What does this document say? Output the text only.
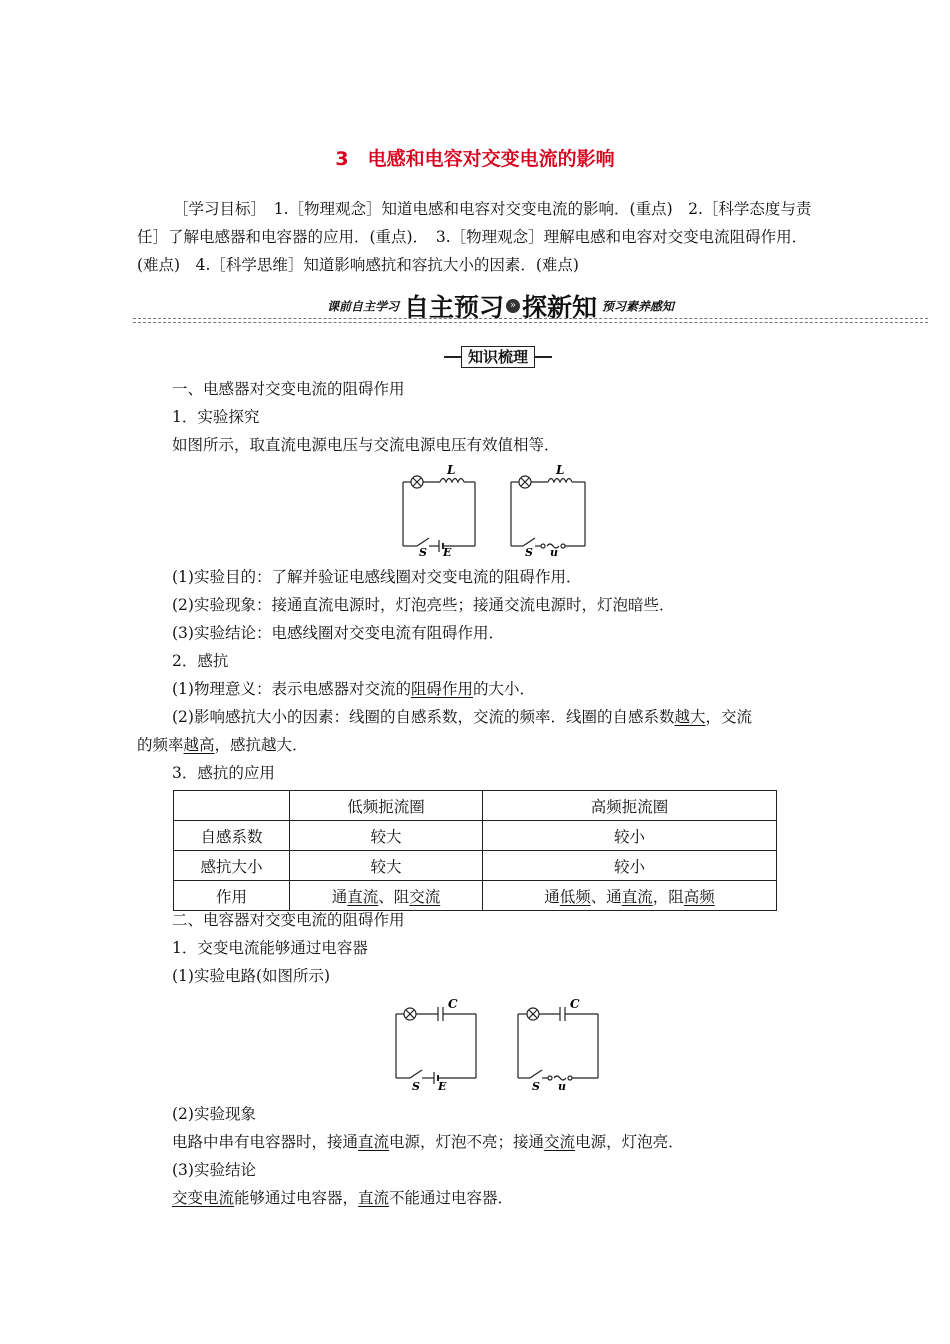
3　电感和电容对交变电流的影响
［学习目标］　1.［物理观念］知道电感和电容对交变电流的影响．(重点)　2.［科学态度与责任］了解电感器和电容器的应用．(重点)．　3.［物理观念］理解电感和电容对交变电流阻碍作用．(难点)　4.［科学思维］知道影响感抗和容抗大小的因素．(难点)
课前自主学习 自主预习 » 探新知 预习素养感知
知识梳理
一、电感器对交变电流的阻碍作用
1．实验探究
如图所示，取直流电源电压与交流电源电压有效值相等．
L	L
S E	S u
(1)实验目的：了解并验证电感线圈对交变电流的阻碍作用．
(2)实验现象：接通直流电源时，灯泡亮些；接通交流电源时，灯泡暗些．
(3)实验结论：电感线圈对交变电流有阻碍作用．
2．感抗
(1)物理意义：表示电感器对交流的阻碍作用的大小．
(2)影响感抗大小的因素：线圈的自感系数，交流的频率．线圈的自感系数越大，交流
的频率越高，感抗越大．
3．感抗的应用
	低频扼流圈	高频扼流圈
自感系数	较大	较小
感抗大小	较大	较小
作用	通直流、阻交流	通低频、通直流，阻高频
二、电容器对交变电流的阻碍作用
1．交变电流能够通过电容器
(1)实验电路(如图所示)
C	C
S E	S u
(2)实验现象
电路中串有电容器时，接通直流电源，灯泡不亮；接通交流电源，灯泡亮．
(3)实验结论
交变电流能够通过电容器，直流不能通过电容器．
